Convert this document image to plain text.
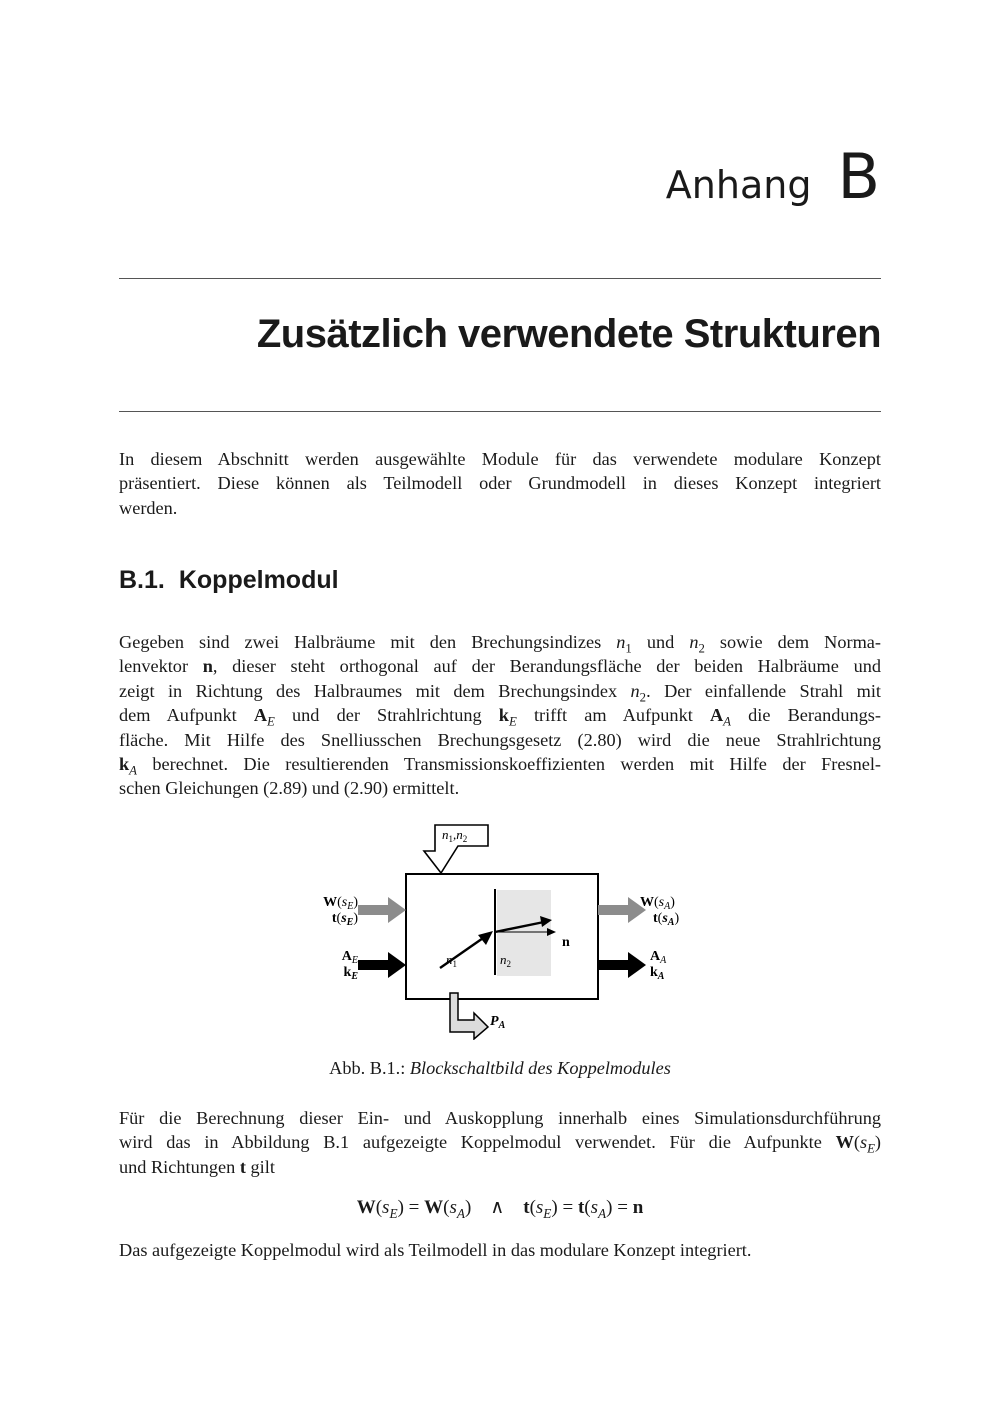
Anhang B
Zusätzlich verwendete Strukturen

In diesem Abschnitt werden ausgewählte Module für das verwendete modulare Konzept
präsentiert. Diese können als Teilmodell oder Grundmodell in dieses Konzept integriert
werden.

B.1. Koppelmodul

Gegeben sind zwei Halbräume mit den Brechungsindizes $n_1$ und $n_2$ sowie dem Norma-
lenvektor n, dieser steht orthogonal auf der Berandungsfläche der beiden Halbräume und
zeigt in Richtung des Halbraumes mit dem Brechungsindex $n_2$. Der einfallende Strahl mit
dem Aufpunkt $A_E$ und der Strahlrichtung $k_E$ trifft am Aufpunkt $A_A$ die Berandungs-
fläche. Mit Hilfe des Snelliusschen Brechungsgesetz (2.80) wird die neue Strahlrichtung
$k_A$ berechnet. Die resultierenden Transmissionskoeffizienten werden mit Hilfe der Fresnel-
schen Gleichungen (2.89) und (2.90) ermittelt.

$n_1,n_2$
n
$n_1$	$n_2$
$P_A$
$W(s_E)$
$t(s_E)$
$A_E$
$k_E$
$W(s_A)$
$t(s_A)$
$A_A$
$k_A$
Abb. B.1.: Blockschaltbild des Koppelmodules

Für die Berechnung dieser Ein- und Auskopplung innerhalb eines Simulationsdurchführung
wird das in Abbildung B.1 aufgezeigte Koppelmodul verwendet. Für die Aufpunkte $W(s_E)$
und Richtungen t gilt

$W(s_E) = W(s_A)$    ∧ $t(s_E) = t(s_A) = n$

Das aufgezeigte Koppelmodul wird als Teilmodell in das modulare Konzept integriert.
